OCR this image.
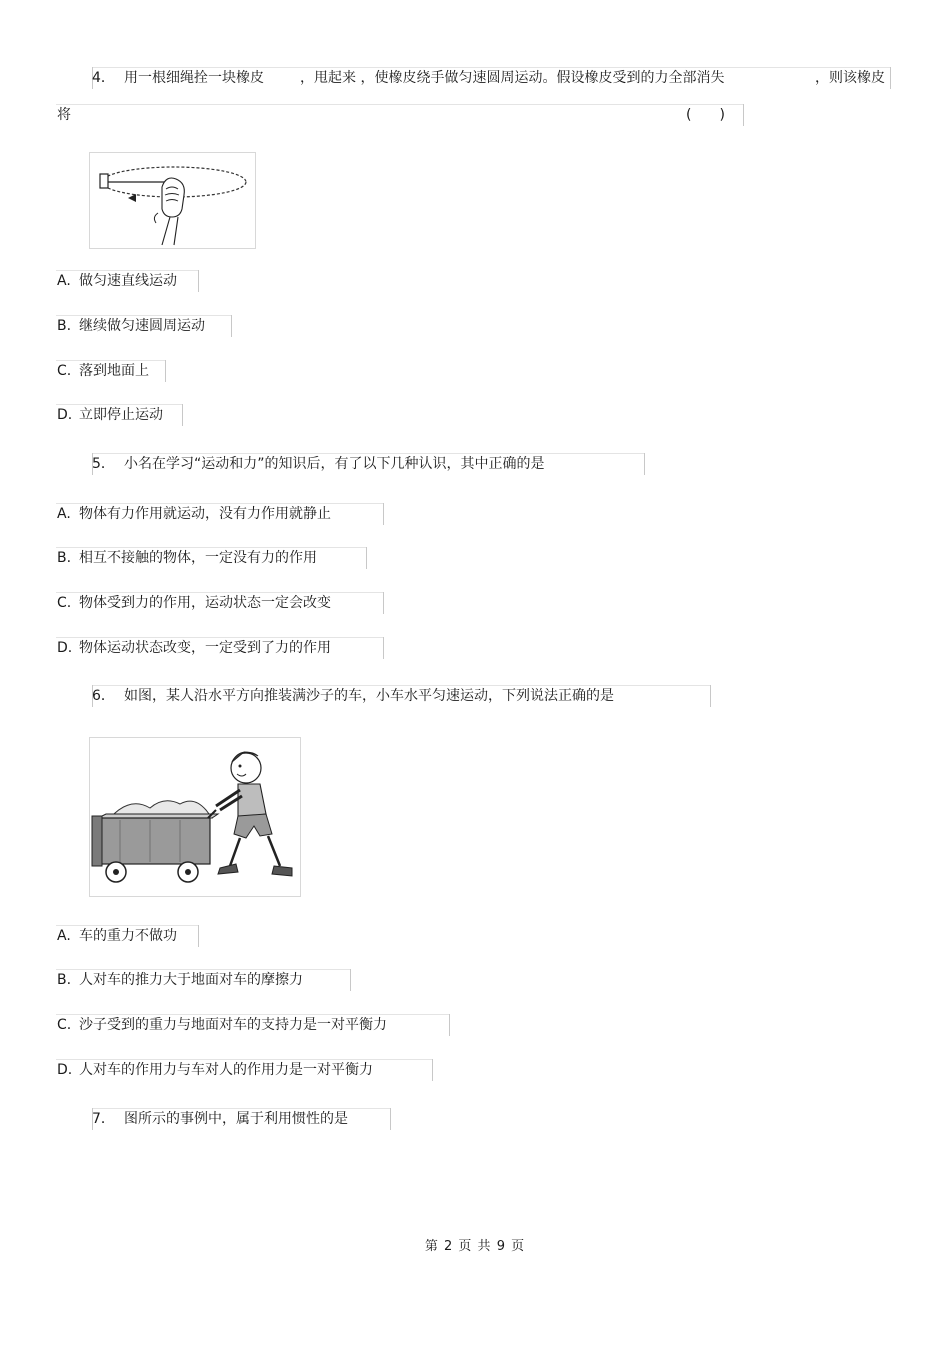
4． 用一根细绳拴一块橡皮	，甩起来 ，使橡皮绕手做匀速圆周运动。假设橡皮受到的力全部消失	，则该橡皮
将	(　　)
A. 做匀速直线运动
B. 继续做匀速圆周运动
C. 落到地面上
D. 立即停止运动
5． 小名在学习“运动和力”的知识后，有了以下几种认识，其中正确的是
A. 物体有力作用就运动，没有力作用就静止
B. 相互不接触的物体，一定没有力的作用
C. 物体受到力的作用，运动状态一定会改变
D. 物体运动状态改变，一定受到了力的作用
6． 如图，某人沿水平方向推装满沙子的车，小车水平匀速运动，下列说法正确的是
A. 车的重力不做功
B. 人对车的推力大于地面对车的摩擦力
C. 沙子受到的重力与地面对车的支持力是一对平衡力
D. 人对车的作用力与车对人的作用力是一对平衡力
7． 图所示的事例中，属于利用惯性的是
第 2 页 共 9 页
